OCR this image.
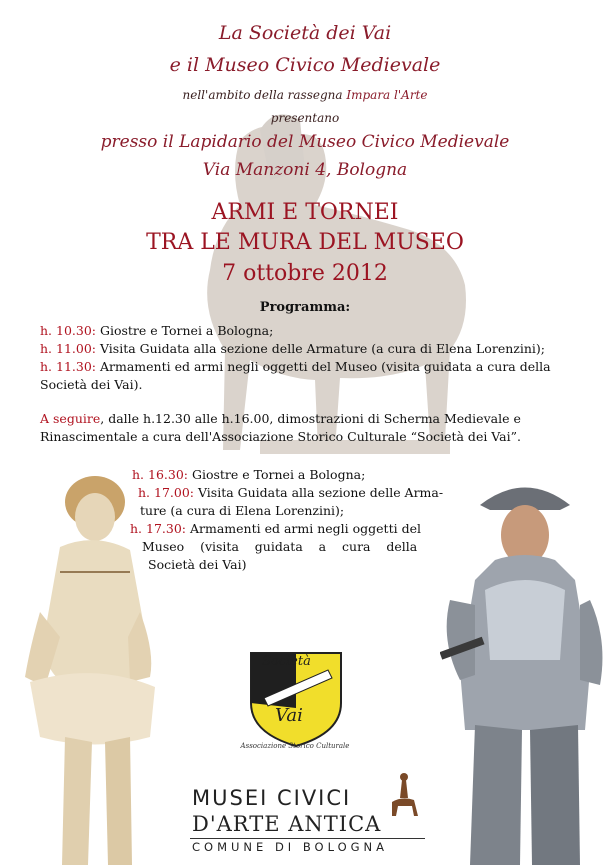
La Società dei Vai
e il Museo Civico Medievale
nell'ambito della rassegna Impara l'Arte
presentano
presso il Lapidario del Museo Civico Medievale
Via Manzoni 4, Bologna
ARMI E TORNEI
TRA LE MURA DEL MUSEO
7 ottobre 2012
Programma:
h. 10.30: Giostre e Tornei a Bologna;
h. 11.00: Visita Guidata alla sezione delle Armature (a cura di Elena Lorenzini);
h. 11.30: Armamenti ed armi negli oggetti del Museo (visita guidata a cura della
Società dei Vai).
A seguire, dalle h.12.30 alle h.16.00, dimostrazioni di Scherma Medievale e
Rinascimentale a cura dell'Associazione Storico Culturale “Società dei Vai”.
h. 16.30: Giostre e Tornei a Bologna;
h. 17.00: Visita Guidata alla sezione delle Arma-
ture (a cura di Elena Lorenzini);
h. 17.30: Armamenti ed armi negli oggetti del
Museo    (visita    guidata    a    cura    della
Società dei Vai)
Società
Vai
Associazione Storico Culturale
MUSEI CIVICI
D'ARTE ANTICA
COMUNE DI BOLOGNA
